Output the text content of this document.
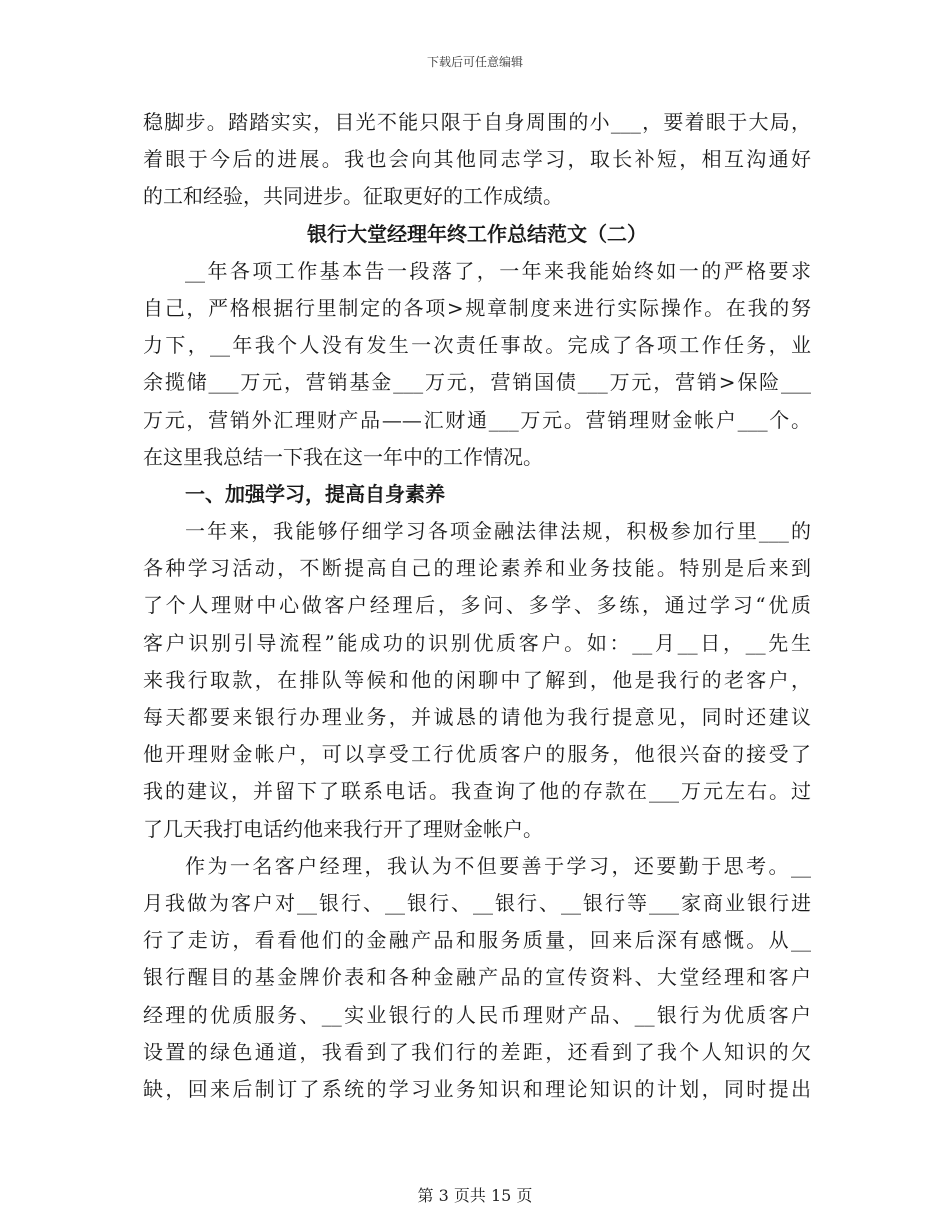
下载后可任意编辑
稳脚步。踏踏实实，目光不能只限于自身周围的小___，要着眼于大局，
着眼于今后的进展。我也会向其他同志学习，取长补短，相互沟通好
的工和经验，共同进步。征取更好的工作成绩。
银行大堂经理年终工作总结范文（二）
__年各项工作基本告一段落了，一年来我能始终如一的严格要求
自己，严格根据行里制定的各项>规章制度来进行实际操作。在我的努
力下，__年我个人没有发生一次责任事故。完成了各项工作任务，业
余揽储___万元，营销基金___万元，营销国债___万元，营销>保险___
万元，营销外汇理财产品——汇财通___万元。营销理财金帐户___个。
在这里我总结一下我在这一年中的工作情况。
一、加强学习，提高自身素养
一年来，我能够仔细学习各项金融法律法规，积极参加行里___的
各种学习活动，不断提高自己的理论素养和业务技能。特别是后来到
了个人理财中心做客户经理后，多问、多学、多练，通过学习“优质
客户识别引导流程”能成功的识别优质客户。如：__月__日，__先生
来我行取款，在排队等候和他的闲聊中了解到，他是我行的老客户，
每天都要来银行办理业务，并诚恳的请他为我行提意见，同时还建议
他开理财金帐户，可以享受工行优质客户的服务，他很兴奋的接受了
我的建议，并留下了联系电话。我查询了他的存款在___万元左右。过
了几天我打电话约他来我行开了理财金帐户。
作为一名客户经理，我认为不但要善于学习，还要勤于思考。__
月我做为客户对__银行、__银行、__银行、__银行等___家商业银行进
行了走访，看看他们的金融产品和服务质量，回来后深有感慨。从__
银行醒目的基金牌价表和各种金融产品的宣传资料、大堂经理和客户
经理的优质服务、__实业银行的人民币理财产品、__银行为优质客户
设置的绿色通道，我看到了我们行的差距，还看到了我个人知识的欠
缺，回来后制订了系统的学习业务知识和理论知识的计划，同时提出
第 3 页共 15 页
